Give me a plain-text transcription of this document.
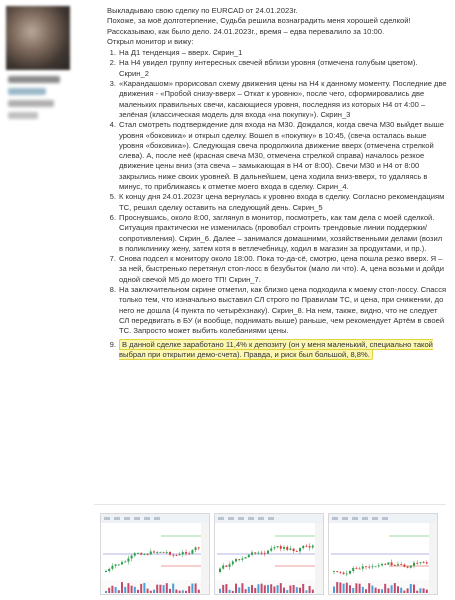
Выкладываю свою сделку по EURCAD от 24.01.2023г.

Похоже, за моё долготерпение, Судьба решила вознаградить меня хорошей сделкой!

Рассказываю, как было дело. 24.01.2023г., время – едва перевалило за 10:00.

Открыл монитор и вижу:

1. На Д1 тенденция – вверх. Скрин_1
2. На Н4 увидел группу интересных свечей вблизи уровня (отмечена голубым цветом). Скрин_2
3. «Карандашом» прорисовал схему движения цены на Н4 к данному моменту. Последние две движения - «Пробой снизу-вверх – Откат к уровню», после чего, сформировались две маленьких правильных свечи, касающиеся уровня, последняя из которых Н4 от 4:00 – зелёная (классическая модель для входа «на покупку»). Скрин_3
4. Стал смотреть подтверждение для входа на М30. Дождался, когда свеча М30 выйдет выше уровня «боковика» и открыл сделку. Вошел в «покупку» в 10:45, (свеча осталась выше уровня «боковика»). Следующая свеча продолжила движение вверх (отмечена стрелкой слева). А, после неё (красная свеча М30, отмечена стрелкой справа) началось резкое движение цены вниз (эта свеча – замыкающая в Н4 от 8:00). Свечи М30 и Н4 от 8:00 закрылись ниже своих уровней. В дальнейшем, цена ходила вниз-вверх, то удаляясь в минус, то приближаясь к отметке моего входа в сделку. Скрин_4.
5. К концу дня 24.01.2023г цена вернулась к уровню входа в сделку. Согласно рекомендациям ТС, решил сделку оставить на следующий день. Скрин_5
6. Проснувшись, около 8:00, заглянул в монитор, посмотреть, как там дела с моей сделкой. Ситуация практически не изменилась (провобал строить трендовые линии поддержки/сопротивления). Скрин_6. Далее – занимался домашними, хозяйственными делами (возил в поликлинику жену, затем котя в ветлечебницу, ходил в магазин за продуктами, и пр.).
7. Снова подсел к монитору около 18:00. Пока то-да-сё, смотрю, цена пошла резко вверх. Я – за ней, быстренько перетянул стоп-лосс в безубыток (мало ли что). А, цена возьми и дойди одной свечой М5 до моего ТП! Скрин_7.
8. На заключительном скрине отметил, как близко цена подходила к моему стоп-лоссу. Спасся только тем, что изначально выставил СЛ строго по Правилам ТС, и цена, при снижении, до него не дошла (4 пункта по четырёхзнаку). Скрин_8. На нем, также, видно, что не следует СЛ передвигать в БУ (и вообще, поднимать выше) раньше, чем рекомендует Артём в своей ТС. Запросто может выбить колебаниями цены.
9. В данной сделке заработано 11,4% к депозиту (он у меня маленький, специально такой выбрал при открытии демо-счета). Правда, и риск был большой, 8,8%.
